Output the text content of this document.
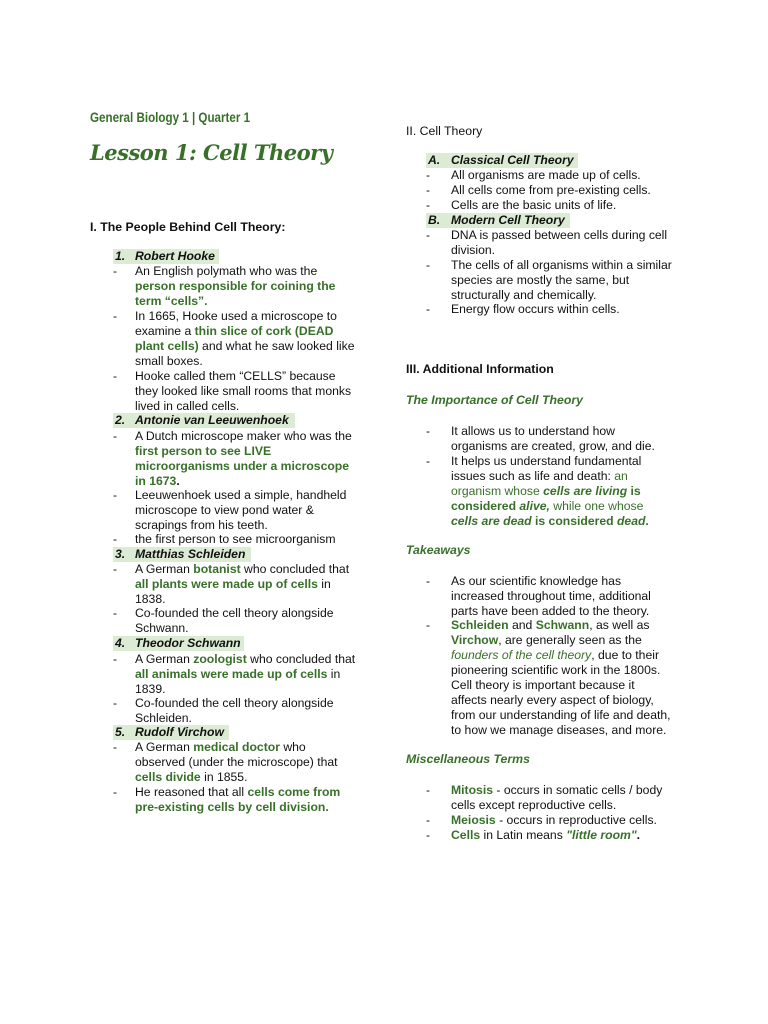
General Biology 1 | Quarter 1
Lesson 1: Cell Theory
I. The People Behind Cell Theory:
1. Robert Hooke
- An English polymath who was the
person responsible for coining the
term “cells”.
- In 1665, Hooke used a microscope to
examine a thin slice of cork (DEAD
plant cells) and what he saw looked like
small boxes.
- Hooke called them “CELLS” because
they looked like small rooms that monks
lived in called cells.
2. Antonie van Leeuwenhoek
- A Dutch microscope maker who was the
first person to see LIVE
microorganisms under a microscope
in 1673.
- Leeuwenhoek used a simple, handheld
microscope to view pond water &
scrapings from his teeth.
- the first person to see microorganism
3. Matthias Schleiden
- A German botanist who concluded that
all plants were made up of cells in
1838.
- Co-founded the cell theory alongside
Schwann.
4. Theodor Schwann
- A German zoologist who concluded that
all animals were made up of cells in
1839.
- Co-founded the cell theory alongside
Schleiden.
5. Rudolf Virchow
- A German medical doctor who
observed (under the microscope) that
cells divide in 1855.
- He reasoned that all cells come from
pre-existing cells by cell division.
II. Cell Theory
A. Classical Cell Theory
- All organisms are made up of cells.
- All cells come from pre-existing cells.
- Cells are the basic units of life.
B. Modern Cell Theory
- DNA is passed between cells during cell
division.
- The cells of all organisms within a similar
species are mostly the same, but
structurally and chemically.
- Energy flow occurs within cells.
III. Additional Information
The Importance of Cell Theory
- It allows us to understand how
organisms are created, grow, and die.
- It helps us understand fundamental
issues such as life and death: an
organism whose cells are living is
considered alive, while one whose
cells are dead is considered dead.
Takeaways
- As our scientific knowledge has
increased throughout time, additional
parts have been added to the theory.
- Schleiden and Schwann, as well as
Virchow, are generally seen as the
founders of the cell theory, due to their
pioneering scientific work in the 1800s.
Cell theory is important because it
affects nearly every aspect of biology,
from our understanding of life and death,
to how we manage diseases, and more.
Miscellaneous Terms
- Mitosis - occurs in somatic cells / body
cells except reproductive cells.
- Meiosis - occurs in reproductive cells.
- Cells in Latin means "little room".
